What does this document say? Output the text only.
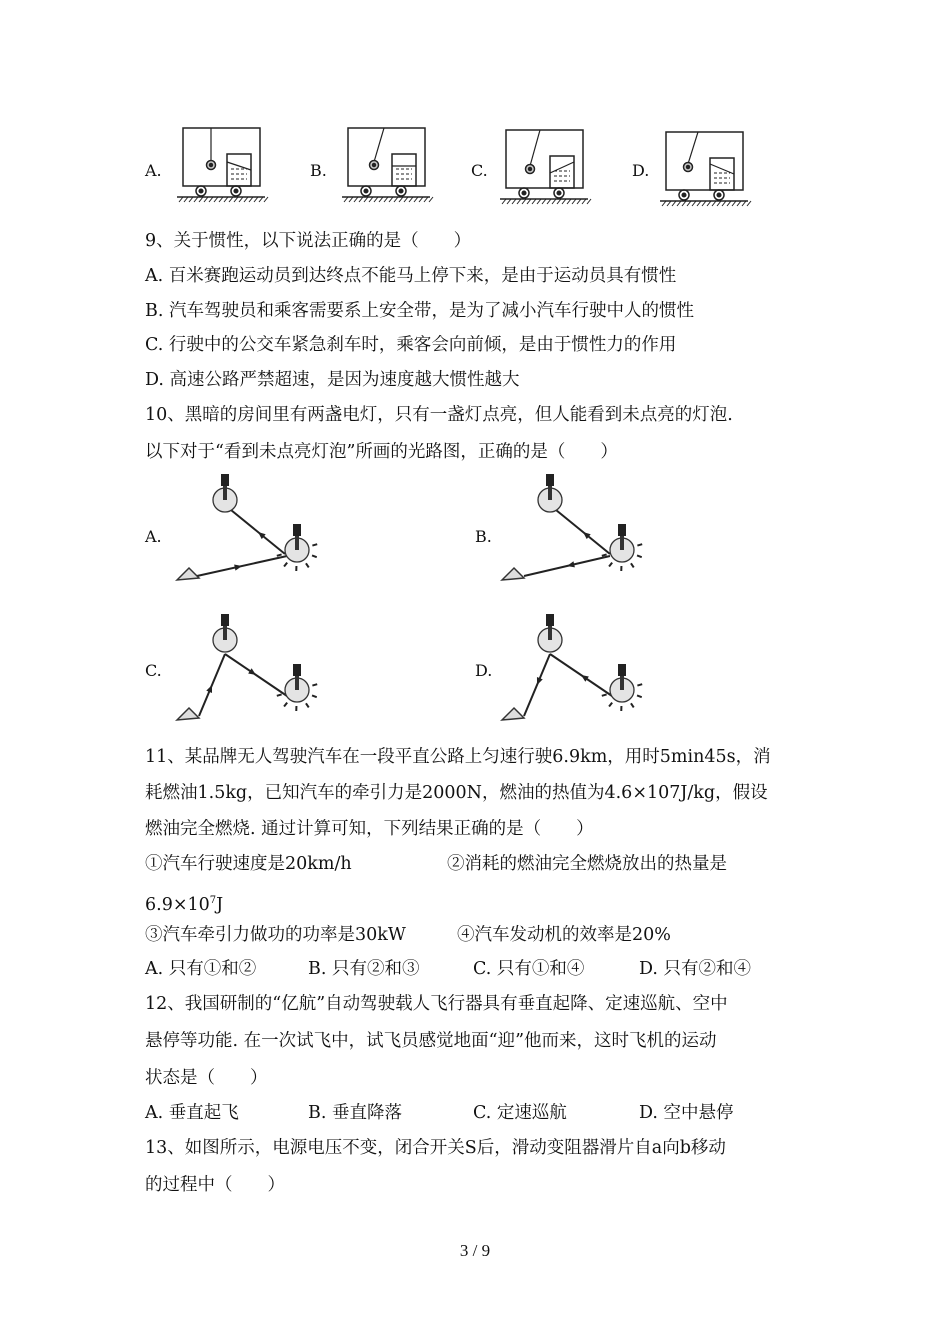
A.	B.	C.	D.
9、关于惯性，以下说法正确的是（　　）
A. 百米赛跑运动员到达终点不能马上停下来，是由于运动员具有惯性
B. 汽车驾驶员和乘客需要系上安全带，是为了减小汽车行驶中人的惯性
C. 行驶中的公交车紧急刹车时，乘客会向前倾，是由于惯性力的作用
D. 高速公路严禁超速，是因为速度越大惯性越大
10、黑暗的房间里有两盏电灯，只有一盏灯点亮，但人能看到未点亮的灯泡.
以下对于“看到未点亮灯泡”所画的光路图，正确的是（　　）
A.	B.
C.	D.
11、某品牌无人驾驶汽车在一段平直公路上匀速行驶6.9km，用时5min45s，消
耗燃油1.5kg，已知汽车的牵引力是2000N，燃油的热值为4.6×107J/kg，假设
燃油完全燃烧. 通过计算可知，下列结果正确的是（　　）
①汽车行驶速度是20km/h	②消耗的燃油完全燃烧放出的热量是
$6.9\times 10^7J$
③汽车牵引力做功的功率是30kW	④汽车发动机的效率是20%
A. 只有①和②	B. 只有②和③	C. 只有①和④	D. 只有②和④
12、我国研制的“亿航”自动驾驶载人飞行器具有垂直起降、定速巡航、空中
悬停等功能. 在一次试飞中，试飞员感觉地面“迎”他而来，这时飞机的运动
状态是（　　）
A. 垂直起飞	B. 垂直降落	C. 定速巡航	D. 空中悬停
13、如图所示，电源电压不变，闭合开关S后，滑动变阻器滑片自a向b移动
的过程中（　　）
3 / 9
